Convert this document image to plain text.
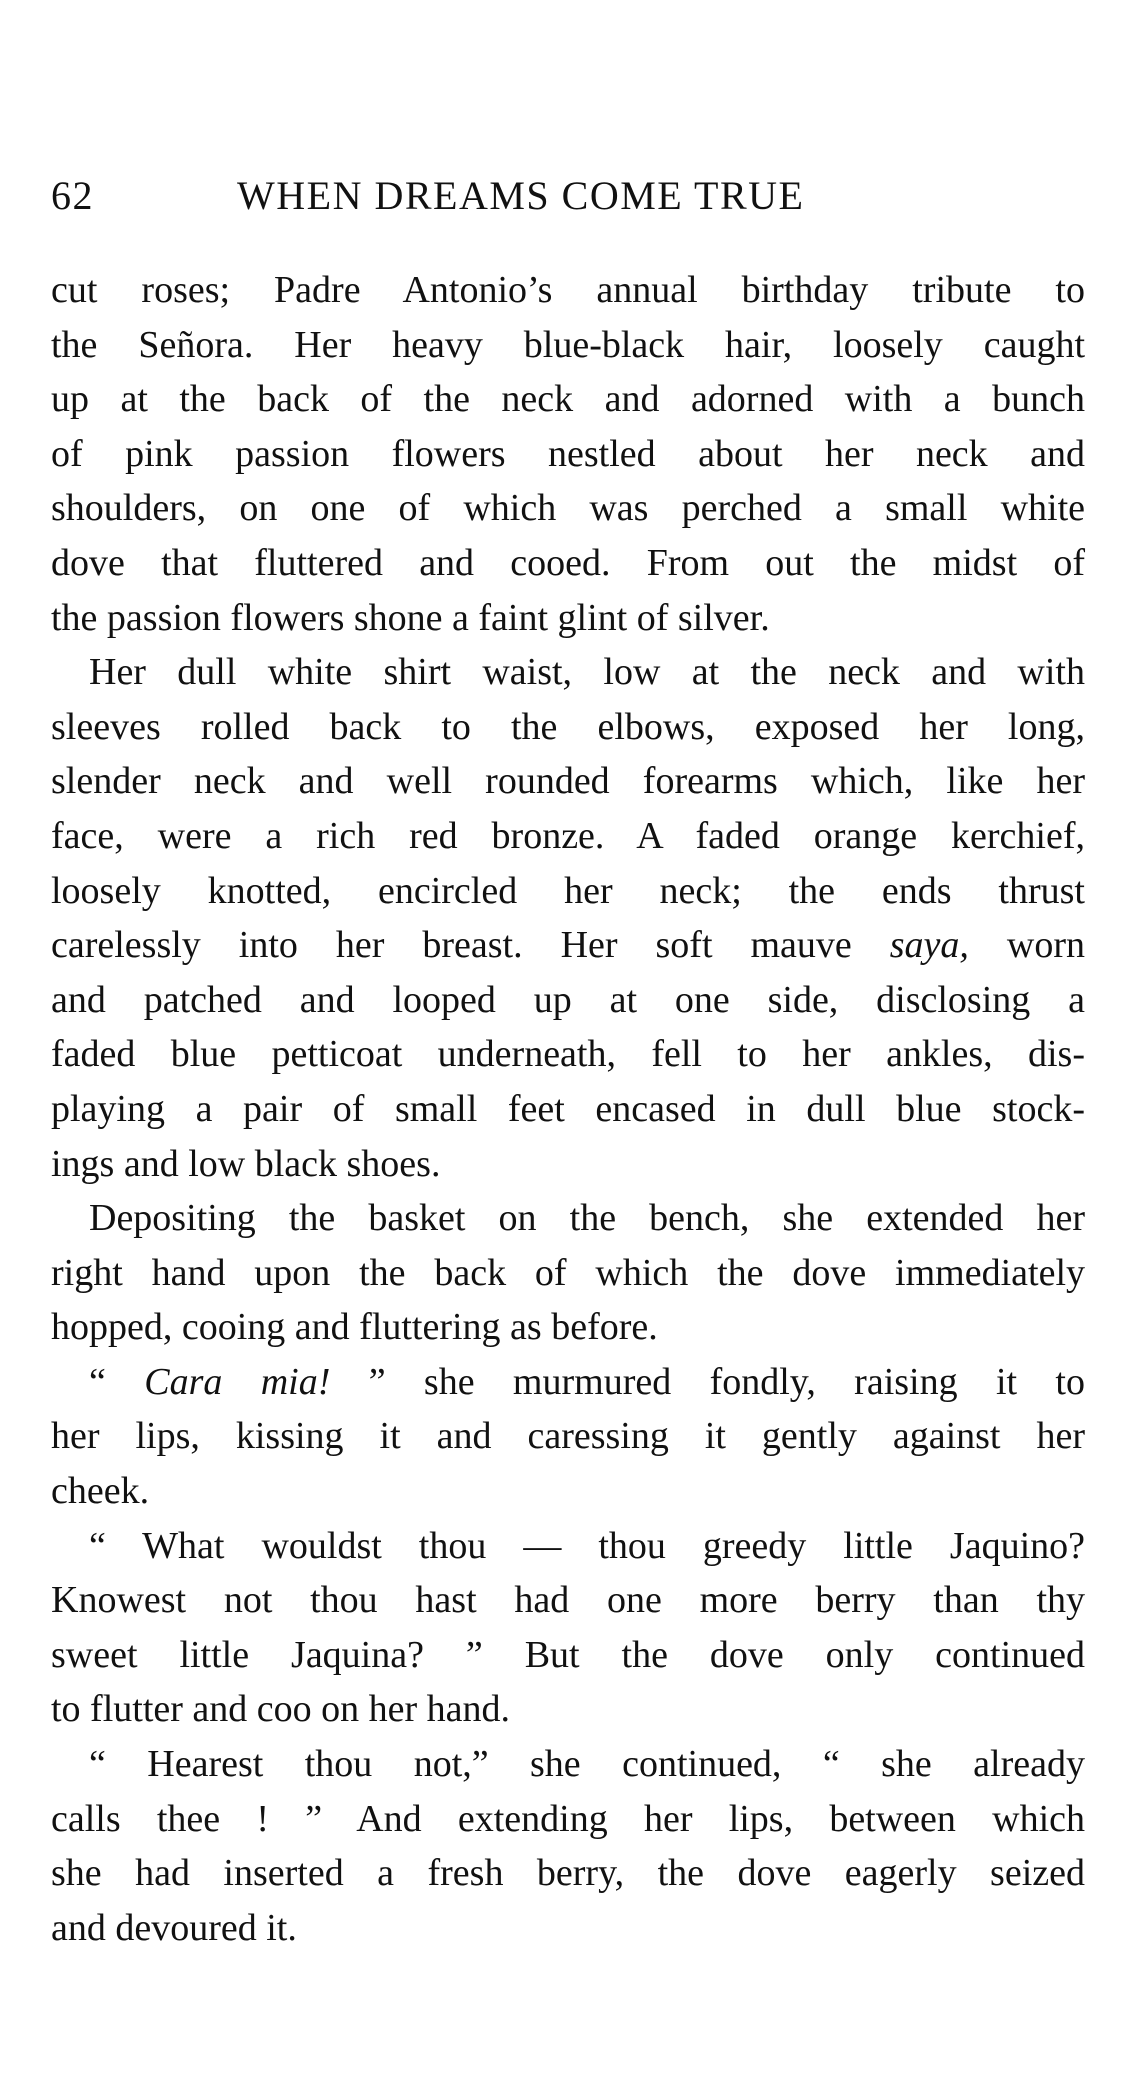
62	WHEN DREAMS COME TRUE
cut roses; Padre Antonio’s annual birthday tribute to
the Señora. Her heavy blue-black hair, loosely caught
up at the back of the neck and adorned with a bunch
of pink passion flowers nestled about her neck and
shoulders, on one of which was perched a small white
dove that fluttered and cooed. From out the midst of
the passion flowers shone a faint glint of silver.
Her dull white shirt waist, low at the neck and with
sleeves rolled back to the elbows, exposed her long,
slender neck and well rounded forearms which, like her
face, were a rich red bronze. A faded orange kerchief,
loosely knotted, encircled her neck; the ends thrust
carelessly into her breast. Her soft mauve saya, worn
and patched and looped up at one side, disclosing a
faded blue petticoat underneath, fell to her ankles, dis-
playing a pair of small feet encased in dull blue stock-
ings and low black shoes.
Depositing the basket on the bench, she extended her
right hand upon the back of which the dove immediately
hopped, cooing and fluttering as before.
“ Cara mia! ” she murmured fondly, raising it to
her lips, kissing it and caressing it gently against her
cheek.
“ What wouldst thou — thou greedy little Jaquino?
Knowest not thou hast had one more berry than thy
sweet little Jaquina? ” But the dove only continued
to flutter and coo on her hand.
“ Hearest thou not,” she continued, “ she already
calls thee ! ” And extending her lips, between which
she had inserted a fresh berry, the dove eagerly seized
and devoured it.
